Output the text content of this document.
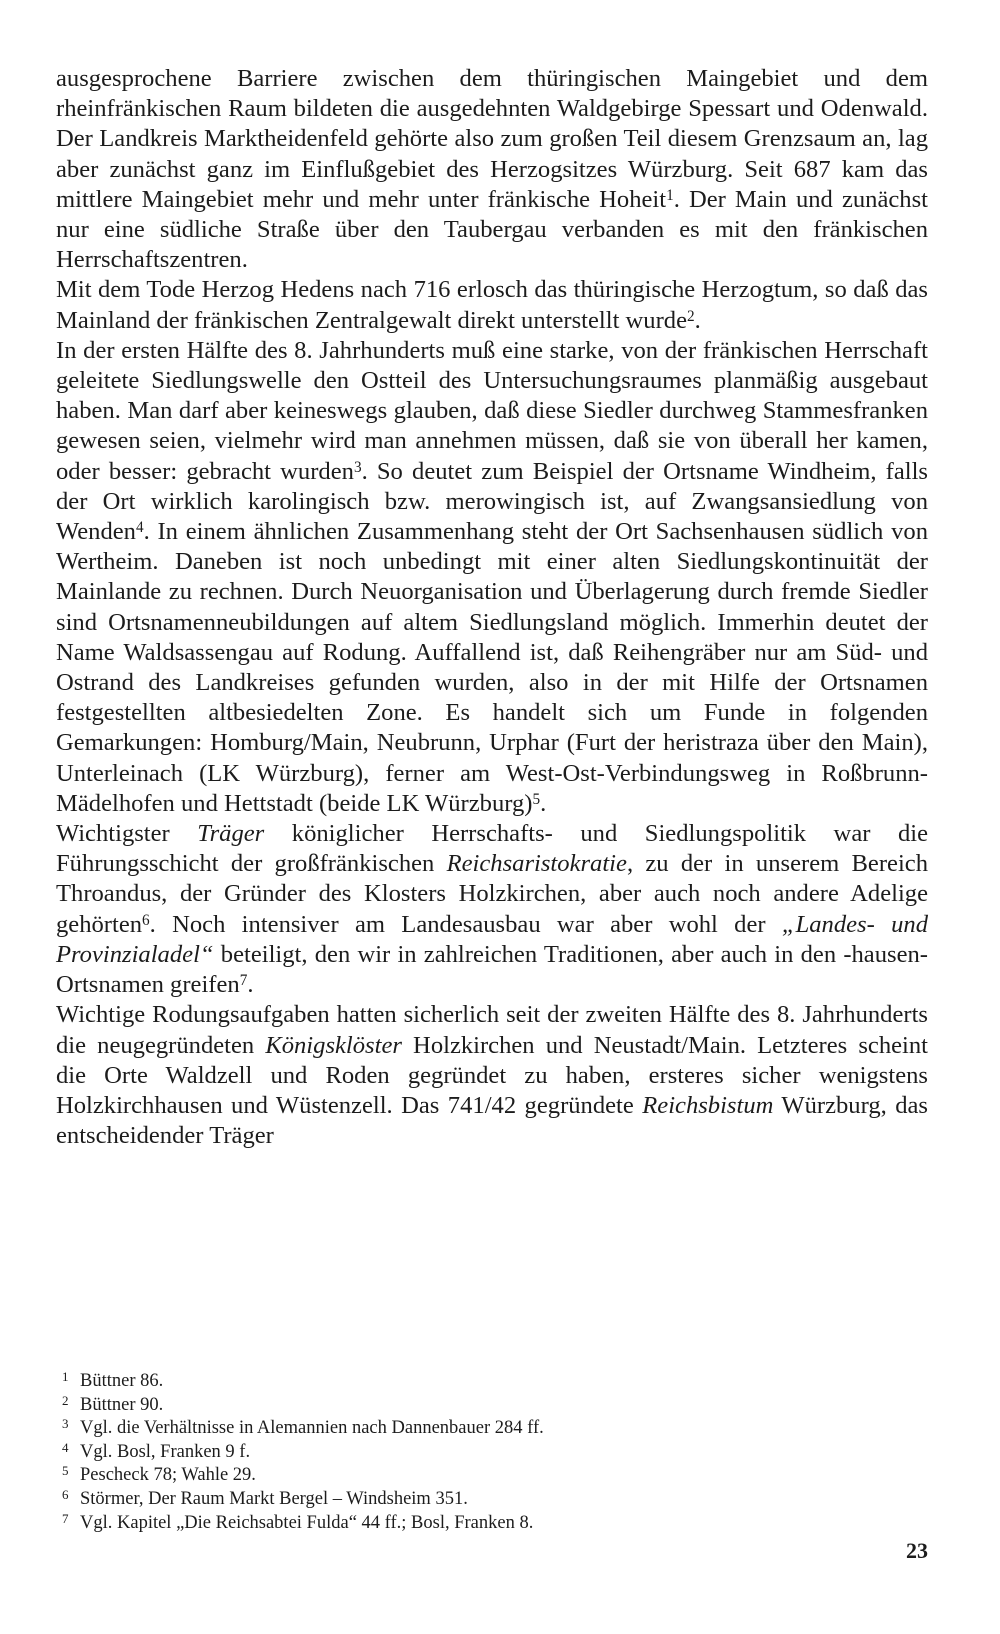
ausgesprochene Barriere zwischen dem thüringischen Maingebiet und dem rheinfränkischen Raum bildeten die ausgedehnten Waldgebirge Spessart und Odenwald. Der Landkreis Marktheidenfeld gehörte also zum großen Teil diesem Grenzsaum an, lag aber zunächst ganz im Einflußgebiet des Herzogsitzes Würzburg. Seit 687 kam das mittlere Maingebiet mehr und mehr unter fränkische Hoheit$^1$. Der Main und zunächst nur eine südliche Straße über den Taubergau verbanden es mit den fränkischen Herrschaftszentren.

Mit dem Tode Herzog Hedens nach 716 erlosch das thüringische Herzogtum, so daß das Mainland der fränkischen Zentralgewalt direkt unterstellt wurde$^2$.

In der ersten Hälfte des 8. Jahrhunderts muß eine starke, von der fränkischen Herrschaft geleitete Siedlungswelle den Ostteil des Untersuchungsraumes planmäßig ausgebaut haben. Man darf aber keineswegs glauben, daß diese Siedler durchweg Stammesfranken gewesen seien, vielmehr wird man annehmen müssen, daß sie von überall her kamen, oder besser: gebracht wurden$^3$. So deutet zum Beispiel der Ortsname Windheim, falls der Ort wirklich karolingisch bzw. merowingisch ist, auf Zwangsansiedlung von Wenden$^4$. In einem ähnlichen Zusammenhang steht der Ort Sachsenhausen südlich von Wertheim. Daneben ist noch unbedingt mit einer alten Siedlungskontinuität der Mainlande zu rechnen. Durch Neuorganisation und Überlagerung durch fremde Siedler sind Ortsnamenneubildungen auf altem Siedlungsland möglich. Immerhin deutet der Name Waldsassengau auf Rodung. Auffallend ist, daß Reihengräber nur am Süd- und Ostrand des Landkreises gefunden wurden, also in der mit Hilfe der Ortsnamen festgestellten altbesiedelten Zone. Es handelt sich um Funde in folgenden Gemarkungen: Homburg/Main, Neubrunn, Urphar (Furt der heristraza über den Main), Unterleinach (LK Würzburg), ferner am West-Ost-Verbindungsweg in Roßbrunn-Mädelhofen und Hettstadt (beide LK Würzburg)$^5$.

Wichtigster Träger königlicher Herrschafts- und Siedlungspolitik war die Führungsschicht der großfränkischen Reichsaristokratie, zu der in unserem Bereich Throandus, der Gründer des Klosters Holzkirchen, aber auch noch andere Adelige gehörten$^6$. Noch intensiver am Landesausbau war aber wohl der „Landes- und Provinzialadel“ beteiligt, den wir in zahlreichen Traditionen, aber auch in den -hausen-Ortsnamen greifen$^7$.

Wichtige Rodungsaufgaben hatten sicherlich seit der zweiten Hälfte des 8. Jahrhunderts die neugegründeten Königsklöster Holzkirchen und Neustadt/Main. Letzteres scheint die Orte Waldzell und Roden gegründet zu haben, ersteres sicher wenigstens Holzkirchhausen und Wüstenzell. Das 741/42 gegründete Reichsbistum Würzburg, das entscheidender Träger

1 Büttner 86.

2 Büttner 90.

3 Vgl. die Verhältnisse in Alemannien nach Dannenbauer 284 ff.

4 Vgl. Bosl, Franken 9 f.

5 Pescheck 78; Wahle 29.

6 Störmer, Der Raum Markt Bergel – Windsheim 351.

7 Vgl. Kapitel „Die Reichsabtei Fulda“ 44 ff.; Bosl, Franken 8.

23
